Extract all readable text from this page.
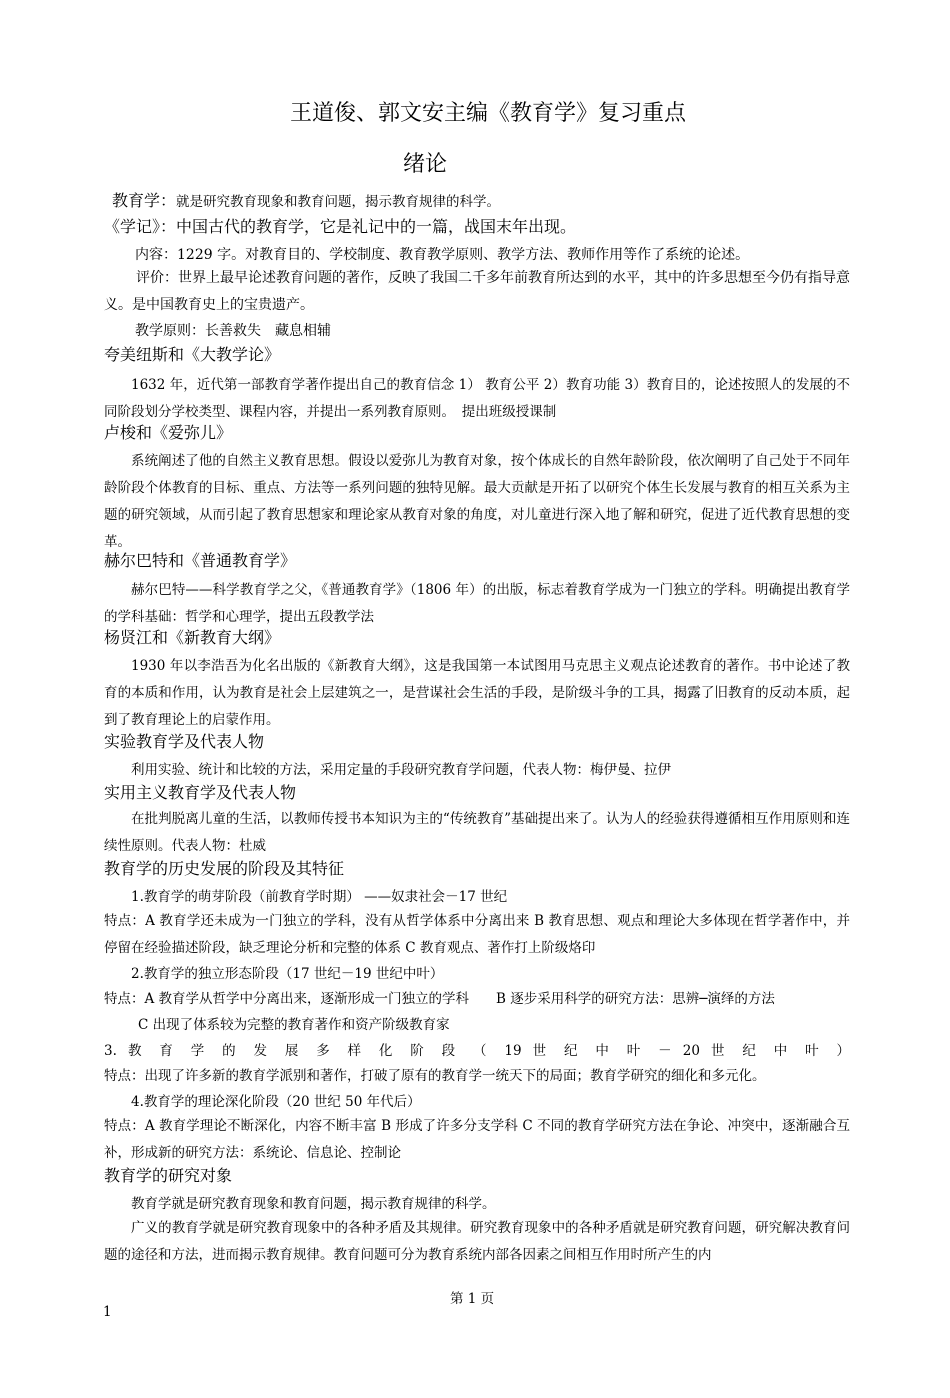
王道俊、郭文安主编《教育学》复习重点
绪论
教育学：就是研究教育现象和教育问题，揭示教育规律的科学。
《学记》：中国古代的教育学，它是礼记中的一篇，战国末年出现。
内容：1229 字。对教育目的、学校制度、教育教学原则、教学方法、教师作用等作了系统的论述。
评价：世界上最早论述教育问题的著作，反映了我国二千多年前教育所达到的水平，其中的许多思想至今仍有指导意义。是中国教育史上的宝贵遗产。
教学原则：长善救失　藏息相辅
夸美纽斯和《大教学论》
1632 年，近代第一部教育学著作提出自己的教育信念 1） 教育公平 2）教育功能 3）教育目的，论述按照人的发展的不同阶段划分学校类型、课程内容，并提出一系列教育原则。　提出班级授课制
卢梭和《爱弥儿》
系统阐述了他的自然主义教育思想。假设以爱弥儿为教育对象，按个体成长的自然年龄阶段，依次阐明了自己处于不同年龄阶段个体教育的目标、重点、方法等一系列问题的独特见解。最大贡献是开拓了以研究个体生长发展与教育的相互关系为主题的研究领域，从而引起了教育思想家和理论家从教育对象的角度，对儿童进行深入地了解和研究，促进了近代教育思想的变革。
赫尔巴特和《普通教育学》
赫尔巴特——科学教育学之父，《普通教育学》（1806 年）的出版，标志着教育学成为一门独立的学科。明确提出教育学的学科基础：哲学和心理学，提出五段教学法
杨贤江和《新教育大纲》
1930 年以李浩吾为化名出版的《新教育大纲》，这是我国第一本试图用马克思主义观点论述教育的著作。书中论述了教育的本质和作用，认为教育是社会上层建筑之一，是营谋社会生活的手段，是阶级斗争的工具，揭露了旧教育的反动本质，起到了教育理论上的启蒙作用。
实验教育学及代表人物
利用实验、统计和比较的方法，采用定量的手段研究教育学问题，代表人物：梅伊曼、拉伊
实用主义教育学及代表人物
在批判脱离儿童的生活，以教师传授书本知识为主的“传统教育”基础提出来了。认为人的经验获得遵循相互作用原则和连续性原则。代表人物：杜威
教育学的历史发展的阶段及其特征
1.教育学的萌芽阶段（前教育学时期） ——奴隶社会－17 世纪
特点：A 教育学还未成为一门独立的学科，没有从哲学体系中分离出来 B 教育思想、观点和理论大多体现在哲学著作中，并停留在经验描述阶段，缺乏理论分析和完整的体系 C 教育观点、著作打上阶级烙印
2.教育学的独立形态阶段（17 世纪－19 世纪中叶）
特点：A 教育学从哲学中分离出来，逐渐形成一门独立的学科　　B 逐步采用科学的研究方法：思辨─演绎的方法
C 出现了体系较为完整的教育著作和资产阶级教育家
3. 教 育 学 的 发 展 多 样 化 阶 段 （ 19 世 纪 中 叶 － 20 世 纪 中 叶 ）
特点：出现了许多新的教育学派别和著作，打破了原有的教育学一统天下的局面；教育学研究的细化和多元化。
4.教育学的理论深化阶段（20 世纪 50 年代后）
特点：A 教育学理论不断深化，内容不断丰富 B 形成了许多分支学科 C 不同的教育学研究方法在争论、冲突中，逐渐融合互补，形成新的研究方法：系统论、信息论、控制论
教育学的研究对象
教育学就是研究教育现象和教育问题，揭示教育规律的科学。
广义的教育学就是研究教育现象中的各种矛盾及其规律。研究教育现象中的各种矛盾就是研究教育问题，研究解决教育问题的途径和方法，进而揭示教育规律。教育问题可分为教育系统内部各因素之间相互作用时所产生的内
第 1 页
1
